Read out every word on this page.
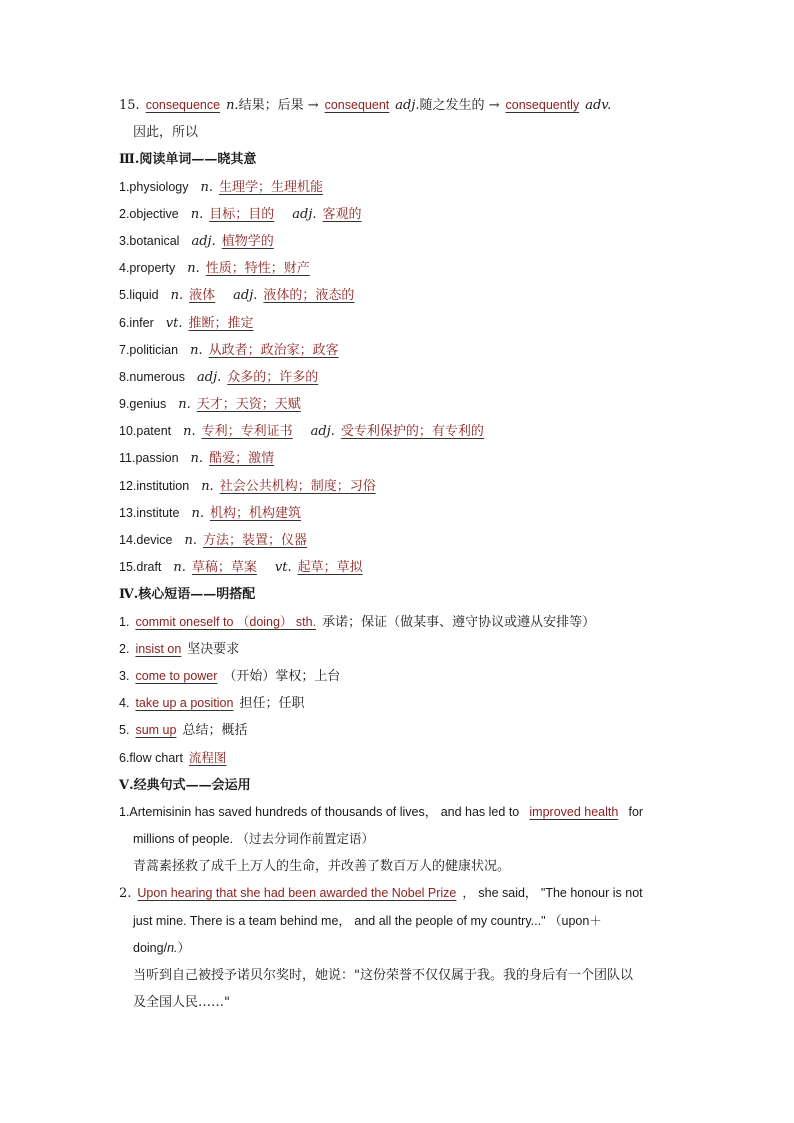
15. consequence n.结果；后果 → consequent adj.随之发生的 → consequently adv.
因此，所以
Ⅲ.阅读单词——晓其意
1.physiology n. 生理学；生理机能
2.objective n. 目标；目的 adj. 客观的
3.botanical adj. 植物学的
4.property n. 性质；特性；财产
5.liquid n. 液体 adj. 液体的；液态的
6.infer vt. 推断；推定
7.politician n. 从政者；政治家；政客
8.numerous adj. 众多的；许多的
9.genius n. 天才；天资；天赋
10.patent n. 专利；专利证书 adj. 受专利保护的；有专利的
11.passion n. 酷爱；激情
12.institution n. 社会公共机构；制度；习俗
13.institute n. 机构；机构建筑
14.device n. 方法；装置；仪器
15.draft n. 草稿；草案 vt. 起草；草拟
Ⅳ.核心短语——明搭配
1. commit oneself to （doing） sth. 承诺；保证（做某事、遵守协议或遵从安排等）
2. insist on 坚决要求
3. come to power （开始）掌权；上台
4. take up a position 担任；任职
5. sum up 总结；概括
6.flow chart 流程图
Ⅴ.经典句式——会运用
1.Artemisinin has saved hundreds of thousands of lives， and has led to improved health for
millions of people. （过去分词作前置定语）
青蒿素拯救了成千上万人的生命，并改善了数百万人的健康状况。
2. Upon hearing that she had been awarded the Nobel Prize ， she said， "The honour is not
just mine. There is a team behind me， and all the people of my country..." （upon＋
doing/n.）
当听到自己被授予诺贝尔奖时，她说："这份荣誉不仅仅属于我。我的身后有一个团队以
及全国人民……"
